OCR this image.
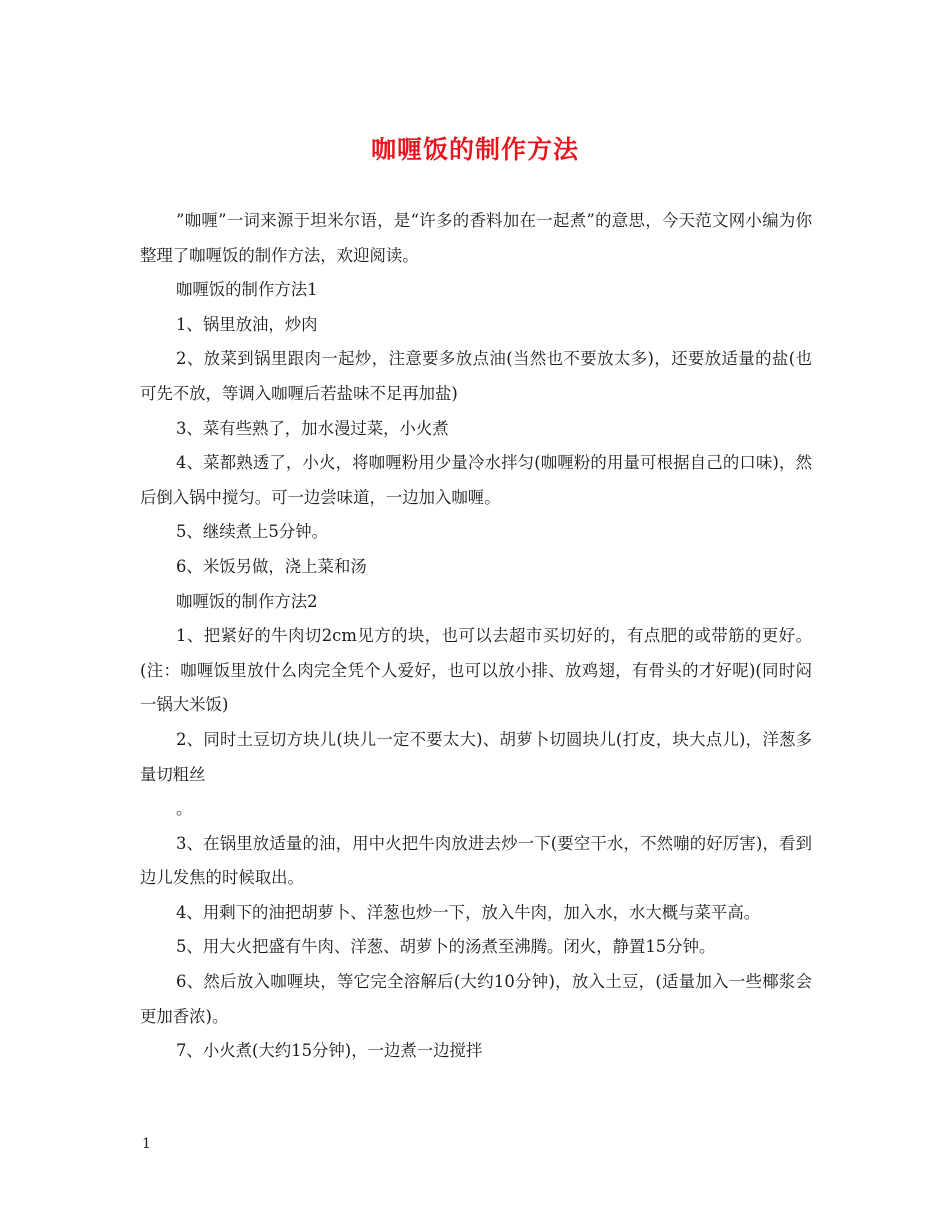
咖喱饭的制作方法

”咖喱”一词来源于坦米尔语，是“许多的香料加在一起煮”的意思，今天范文网小编为你整理了咖喱饭的制作方法，欢迎阅读。

咖喱饭的制作方法1

1、锅里放油，炒肉

2、放菜到锅里跟肉一起炒，注意要多放点油(当然也不要放太多)，还要放适量的盐(也可先不放，等调入咖喱后若盐味不足再加盐)

3、菜有些熟了，加水漫过菜，小火煮

4、菜都熟透了，小火，将咖喱粉用少量冷水拌匀(咖喱粉的用量可根据自己的口味)，然后倒入锅中搅匀。可一边尝味道，一边加入咖喱。

5、继续煮上5分钟。

6、米饭另做，浇上菜和汤

咖喱饭的制作方法2

1、把紧好的牛肉切2cm见方的块，也可以去超市买切好的，有点肥的或带筋的更好。(注：咖喱饭里放什么肉完全凭个人爱好，也可以放小排、放鸡翅，有骨头的才好呢)(同时闷一锅大米饭)

2、同时土豆切方块儿(块儿一定不要太大)、胡萝卜切圆块儿(打皮，块大点儿)，洋葱多量切粗丝

。

3、在锅里放适量的油，用中火把牛肉放进去炒一下(要空干水，不然嘣的好厉害)，看到边儿发焦的时候取出。

4、用剩下的油把胡萝卜、洋葱也炒一下，放入牛肉，加入水，水大概与菜平高。

5、用大火把盛有牛肉、洋葱、胡萝卜的汤煮至沸腾。闭火，静置15分钟。

6、然后放入咖喱块，等它完全溶解后(大约10分钟)，放入土豆，(适量加入一些椰浆会更加香浓)。

7、小火煮(大约15分钟)，一边煮一边搅拌

1
